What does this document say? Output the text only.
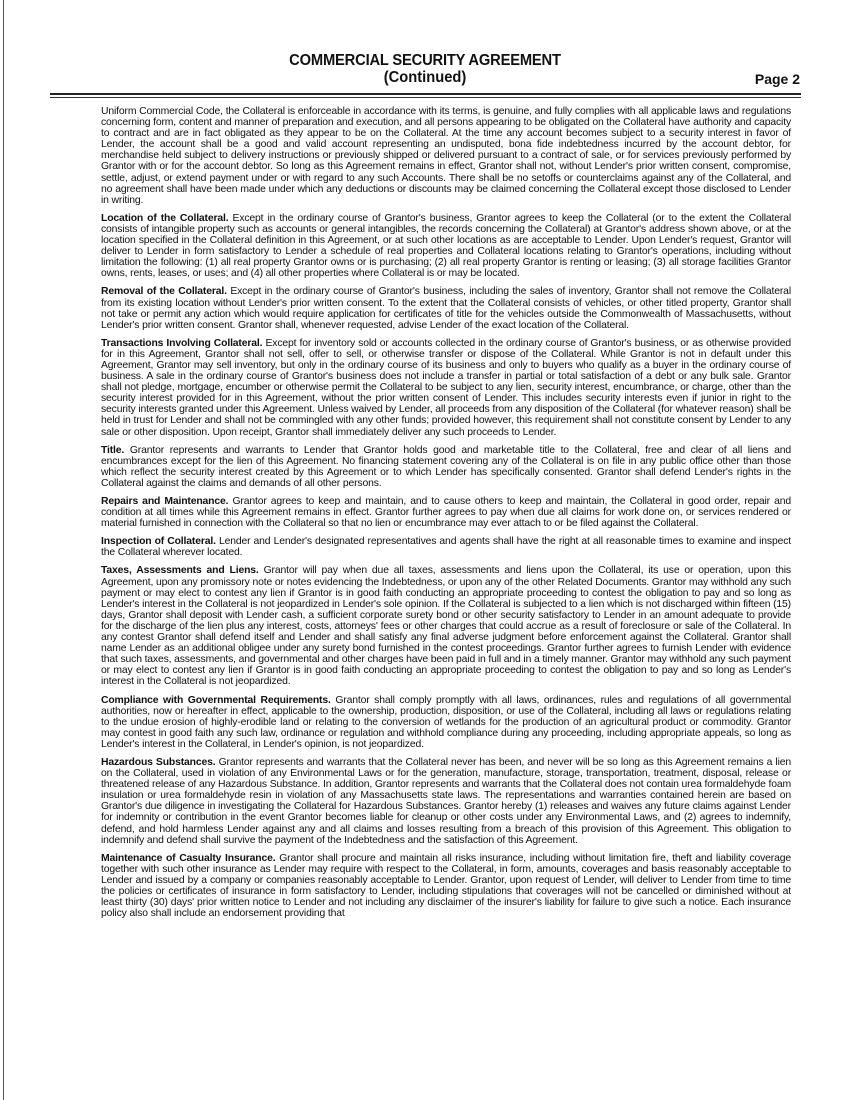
COMMERCIAL SECURITY AGREEMENT
(Continued)	Page 2

Uniform Commercial Code, the Collateral is enforceable in accordance with its terms, is genuine, and fully complies with all applicable laws and regulations concerning form, content and manner of preparation and execution, and all persons appearing to be obligated on the Collateral have authority and capacity to contract and are in fact obligated as they appear to be on the Collateral. At the time any account becomes subject to a security interest in favor of Lender, the account shall be a good and valid account representing an undisputed, bona fide indebtedness incurred by the account debtor, for merchandise held subject to delivery instructions or previously shipped or delivered pursuant to a contract of sale, or for services previously performed by Grantor with or for the account debtor. So long as this Agreement remains in effect, Grantor shall not, without Lender's prior written consent, compromise, settle, adjust, or extend payment under or with regard to any such Accounts. There shall be no setoffs or counterclaims against any of the Collateral, and no agreement shall have been made under which any deductions or discounts may be claimed concerning the Collateral except those disclosed to Lender in writing.

Location of the Collateral. Except in the ordinary course of Grantor's business, Grantor agrees to keep the Collateral (or to the extent the Collateral consists of intangible property such as accounts or general intangibles, the records concerning the Collateral) at Grantor's address shown above, or at the location specified in the Collateral definition in this Agreement, or at such other locations as are acceptable to Lender. Upon Lender's request, Grantor will deliver to Lender in form satisfactory to Lender a schedule of real properties and Collateral locations relating to Grantor's operations, including without limitation the following: (1) all real property Grantor owns or is purchasing; (2) all real property Grantor is renting or leasing; (3) all storage facilities Grantor owns, rents, leases, or uses; and (4) all other properties where Collateral is or may be located.

Removal of the Collateral. Except in the ordinary course of Grantor's business, including the sales of inventory, Grantor shall not remove the Collateral from its existing location without Lender's prior written consent. To the extent that the Collateral consists of vehicles, or other titled property, Grantor shall not take or permit any action which would require application for certificates of title for the vehicles outside the Commonwealth of Massachusetts, without Lender's prior written consent. Grantor shall, whenever requested, advise Lender of the exact location of the Collateral.

Transactions Involving Collateral. Except for inventory sold or accounts collected in the ordinary course of Grantor's business, or as otherwise provided for in this Agreement, Grantor shall not sell, offer to sell, or otherwise transfer or dispose of the Collateral. While Grantor is not in default under this Agreement, Grantor may sell inventory, but only in the ordinary course of its business and only to buyers who qualify as a buyer in the ordinary course of business. A sale in the ordinary course of Grantor's business does not include a transfer in partial or total satisfaction of a debt or any bulk sale. Grantor shall not pledge, mortgage, encumber or otherwise permit the Collateral to be subject to any lien, security interest, encumbrance, or charge, other than the security interest provided for in this Agreement, without the prior written consent of Lender. This includes security interests even if junior in right to the security interests granted under this Agreement. Unless waived by Lender, all proceeds from any disposition of the Collateral (for whatever reason) shall be held in trust for Lender and shall not be commingled with any other funds; provided however, this requirement shall not constitute consent by Lender to any sale or other disposition. Upon receipt, Grantor shall immediately deliver any such proceeds to Lender.

Title. Grantor represents and warrants to Lender that Grantor holds good and marketable title to the Collateral, free and clear of all liens and encumbrances except for the lien of this Agreement. No financing statement covering any of the Collateral is on file in any public office other than those which reflect the security interest created by this Agreement or to which Lender has specifically consented. Grantor shall defend Lender's rights in the Collateral against the claims and demands of all other persons.

Repairs and Maintenance. Grantor agrees to keep and maintain, and to cause others to keep and maintain, the Collateral in good order, repair and condition at all times while this Agreement remains in effect. Grantor further agrees to pay when due all claims for work done on, or services rendered or material furnished in connection with the Collateral so that no lien or encumbrance may ever attach to or be filed against the Collateral.

Inspection of Collateral. Lender and Lender's designated representatives and agents shall have the right at all reasonable times to examine and inspect the Collateral wherever located.

Taxes, Assessments and Liens. Grantor will pay when due all taxes, assessments and liens upon the Collateral, its use or operation, upon this Agreement, upon any promissory note or notes evidencing the Indebtedness, or upon any of the other Related Documents. Grantor may withhold any such payment or may elect to contest any lien if Grantor is in good faith conducting an appropriate proceeding to contest the obligation to pay and so long as Lender's interest in the Collateral is not jeopardized in Lender's sole opinion. If the Collateral is subjected to a lien which is not discharged within fifteen (15) days, Grantor shall deposit with Lender cash, a sufficient corporate surety bond or other security satisfactory to Lender in an amount adequate to provide for the discharge of the lien plus any interest, costs, attorneys' fees or other charges that could accrue as a result of foreclosure or sale of the Collateral. In any contest Grantor shall defend itself and Lender and shall satisfy any final adverse judgment before enforcement against the Collateral. Grantor shall name Lender as an additional obligee under any surety bond furnished in the contest proceedings. Grantor further agrees to furnish Lender with evidence that such taxes, assessments, and governmental and other charges have been paid in full and in a timely manner. Grantor may withhold any such payment or may elect to contest any lien if Grantor is in good faith conducting an appropriate proceeding to contest the obligation to pay and so long as Lender's interest in the Collateral is not jeopardized.

Compliance with Governmental Requirements. Grantor shall comply promptly with all laws, ordinances, rules and regulations of all governmental authorities, now or hereafter in effect, applicable to the ownership, production, disposition, or use of the Collateral, including all laws or regulations relating to the undue erosion of highly-erodible land or relating to the conversion of wetlands for the production of an agricultural product or commodity. Grantor may contest in good faith any such law, ordinance or regulation and withhold compliance during any proceeding, including appropriate appeals, so long as Lender's interest in the Collateral, in Lender's opinion, is not jeopardized.

Hazardous Substances. Grantor represents and warrants that the Collateral never has been, and never will be so long as this Agreement remains a lien on the Collateral, used in violation of any Environmental Laws or for the generation, manufacture, storage, transportation, treatment, disposal, release or threatened release of any Hazardous Substance. In addition, Grantor represents and warrants that the Collateral does not contain urea formaldehyde foam insulation or urea formaldehyde resin in violation of any Massachusetts state laws. The representations and warranties contained herein are based on Grantor's due diligence in investigating the Collateral for Hazardous Substances. Grantor hereby (1) releases and waives any future claims against Lender for indemnity or contribution in the event Grantor becomes liable for cleanup or other costs under any Environmental Laws, and (2) agrees to indemnify, defend, and hold harmless Lender against any and all claims and losses resulting from a breach of this provision of this Agreement. This obligation to indemnify and defend shall survive the payment of the Indebtedness and the satisfaction of this Agreement.

Maintenance of Casualty Insurance. Grantor shall procure and maintain all risks insurance, including without limitation fire, theft and liability coverage together with such other insurance as Lender may require with respect to the Collateral, in form, amounts, coverages and basis reasonably acceptable to Lender and issued by a company or companies reasonably acceptable to Lender. Grantor, upon request of Lender, will deliver to Lender from time to time the policies or certificates of insurance in form satisfactory to Lender, including stipulations that coverages will not be cancelled or diminished without at least thirty (30) days' prior written notice to Lender and not including any disclaimer of the insurer's liability for failure to give such a notice. Each insurance policy also shall include an endorsement providing that
